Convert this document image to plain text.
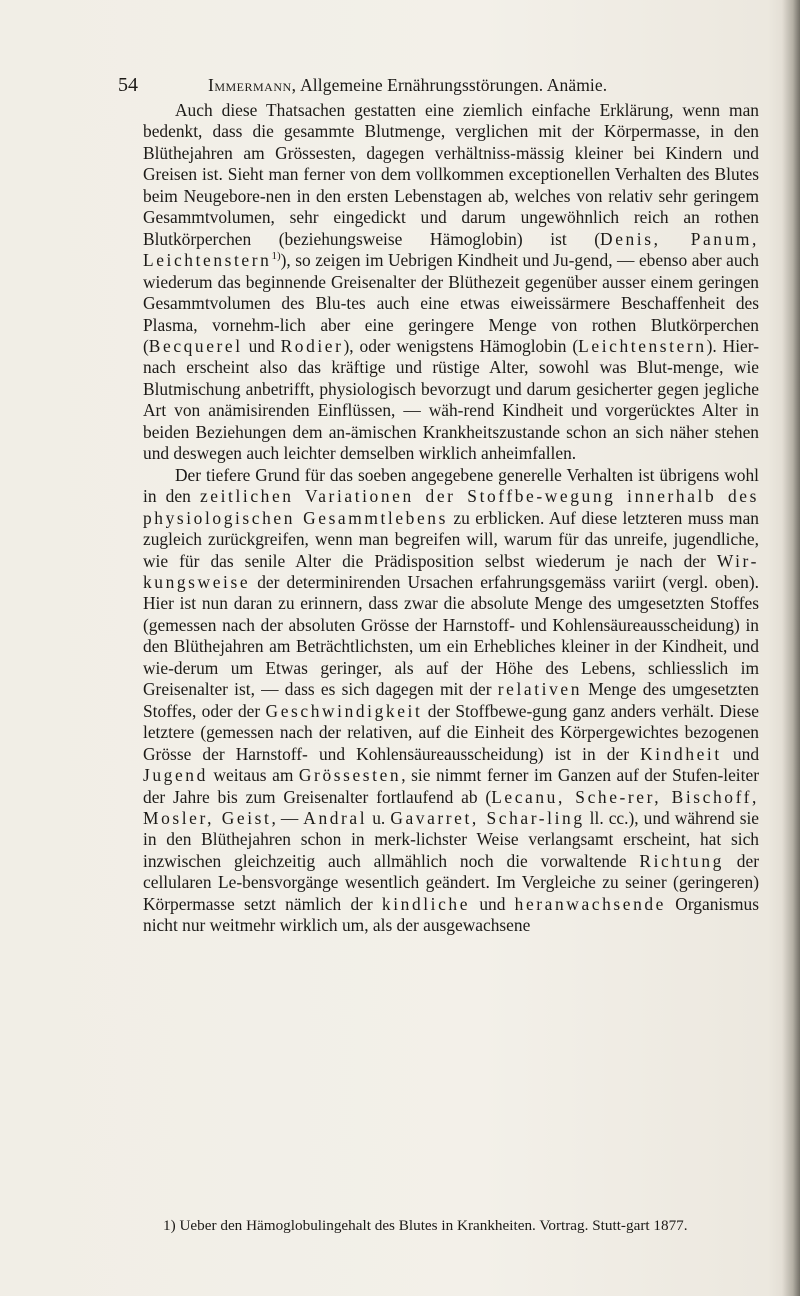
54	Immermann, Allgemeine Ernährungsstörungen. Anämie.

Auch diese Thatsachen gestatten eine ziemlich einfache Erklärung, wenn man bedenkt, dass die gesammte Blutmenge, verglichen mit der Körpermasse, in den Blüthejahren am Grössesten, dagegen verhältniss-mässig kleiner bei Kindern und Greisen ist. Sieht man ferner von dem vollkommen exceptionellen Verhalten des Blutes beim Neugebore-nen in den ersten Lebenstagen ab, welches von relativ sehr geringem Gesammtvolumen, sehr eingedickt und darum ungewöhnlich reich an rothen Blutkörperchen (beziehungsweise Hämoglobin) ist (Denis, Panum, Leichtenstern$^{1)}$), so zeigen im Uebrigen Kindheit und Ju-gend, — ebenso aber auch wiederum das beginnende Greisenalter der Blüthezeit gegenüber ausser einem geringen Gesammtvolumen des Blu-tes auch eine etwas eiweissärmere Beschaffenheit des Plasma, vornehm-lich aber eine geringere Menge von rothen Blutkörperchen (Becquerel und Rodier), oder wenigstens Hämoglobin (Leichtenstern). Hier-nach erscheint also das kräftige und rüstige Alter, sowohl was Blut-menge, wie Blutmischung anbetrifft, physiologisch bevorzugt und darum gesicherter gegen jegliche Art von anämisirenden Einflüssen, — wäh-rend Kindheit und vorgerücktes Alter in beiden Beziehungen dem an-ämischen Krankheitszustande schon an sich näher stehen und deswegen auch leichter demselben wirklich anheimfallen.

Der tiefere Grund für das soeben angegebene generelle Verhalten ist übrigens wohl in den zeitlichen Variationen der Stoffbe-wegung innerhalb des physiologischen Gesammtlebens zu erblicken. Auf diese letzteren muss man zugleich zurückgreifen, wenn man begreifen will, warum für das unreife, jugendliche, wie für das senile Alter die Prädisposition selbst wiederum je nach der Wir-kungsweise der determinirenden Ursachen erfahrungsgemäss variirt (vergl. oben). Hier ist nun daran zu erinnern, dass zwar die absolute Menge des umgesetzten Stoffes (gemessen nach der absoluten Grösse der Harnstoff- und Kohlensäureausscheidung) in den Blüthejahren am Beträchtlichsten, um ein Erhebliches kleiner in der Kindheit, und wie-derum um Etwas geringer, als auf der Höhe des Lebens, schliesslich im Greisenalter ist, — dass es sich dagegen mit der relativen Menge des umgesetzten Stoffes, oder der Geschwindigkeit der Stoffbewe-gung ganz anders verhält. Diese letztere (gemessen nach der relativen, auf die Einheit des Körpergewichtes bezogenen Grösse der Harnstoff- und Kohlensäureausscheidung) ist in der Kindheit und Jugend weitaus am Grössesten, sie nimmt ferner im Ganzen auf der Stufen-leiter der Jahre bis zum Greisenalter fortlaufend ab (Lecanu, Sche-rer, Bischoff, Mosler, Geist, — Andral u. Gavarret, Schar-ling ll. cc.), und während sie in den Blüthejahren schon in merk-lichster Weise verlangsamt erscheint, hat sich inzwischen gleichzeitig auch allmählich noch die vorwaltende Richtung der cellularen Le-bensvorgänge wesentlich geändert. Im Vergleiche zu seiner (geringeren) Körpermasse setzt nämlich der kindliche und heranwachsende Organismus nicht nur weitmehr wirklich um, als der ausgewachsene

1) Ueber den Hämoglobulingehalt des Blutes in Krankheiten. Vortrag. Stutt-gart 1877.
